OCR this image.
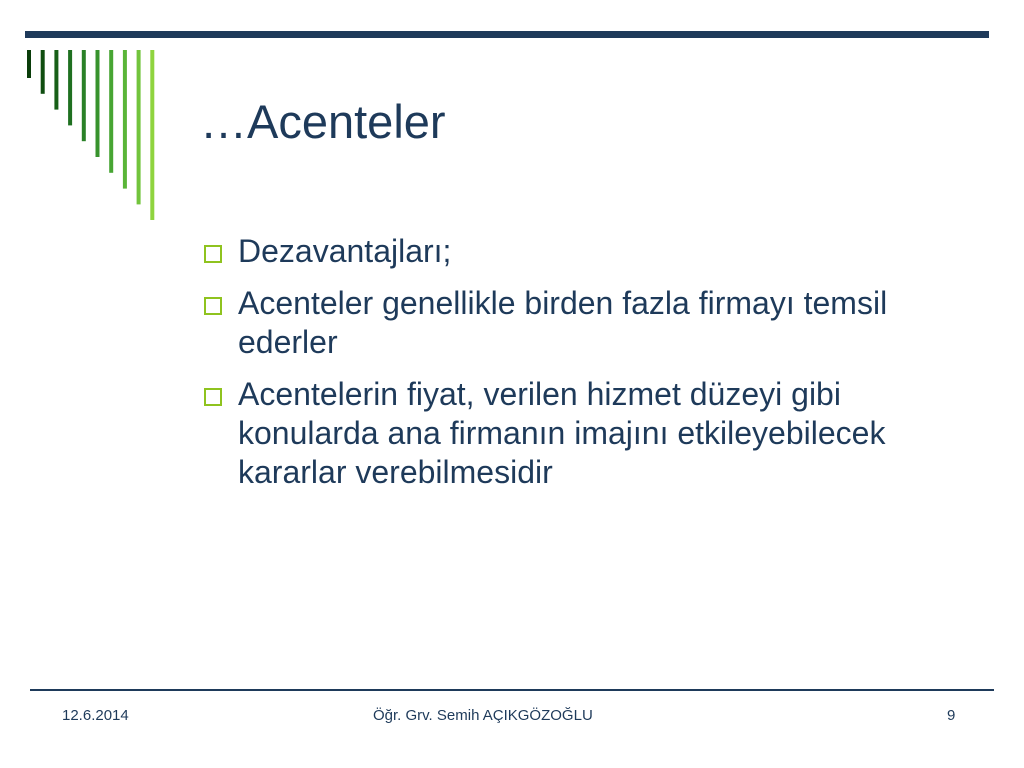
…Acenteler
Dezavantajları;
Acenteler genellikle birden fazla firmayı temsil ederler
Acentelerin fiyat, verilen hizmet düzeyi gibi konularda ana firmanın imajını etkileyebilecek kararlar verebilmesidir
12.6.2014	Öğr. Grv. Semih AÇIKGÖZOĞLU	9
